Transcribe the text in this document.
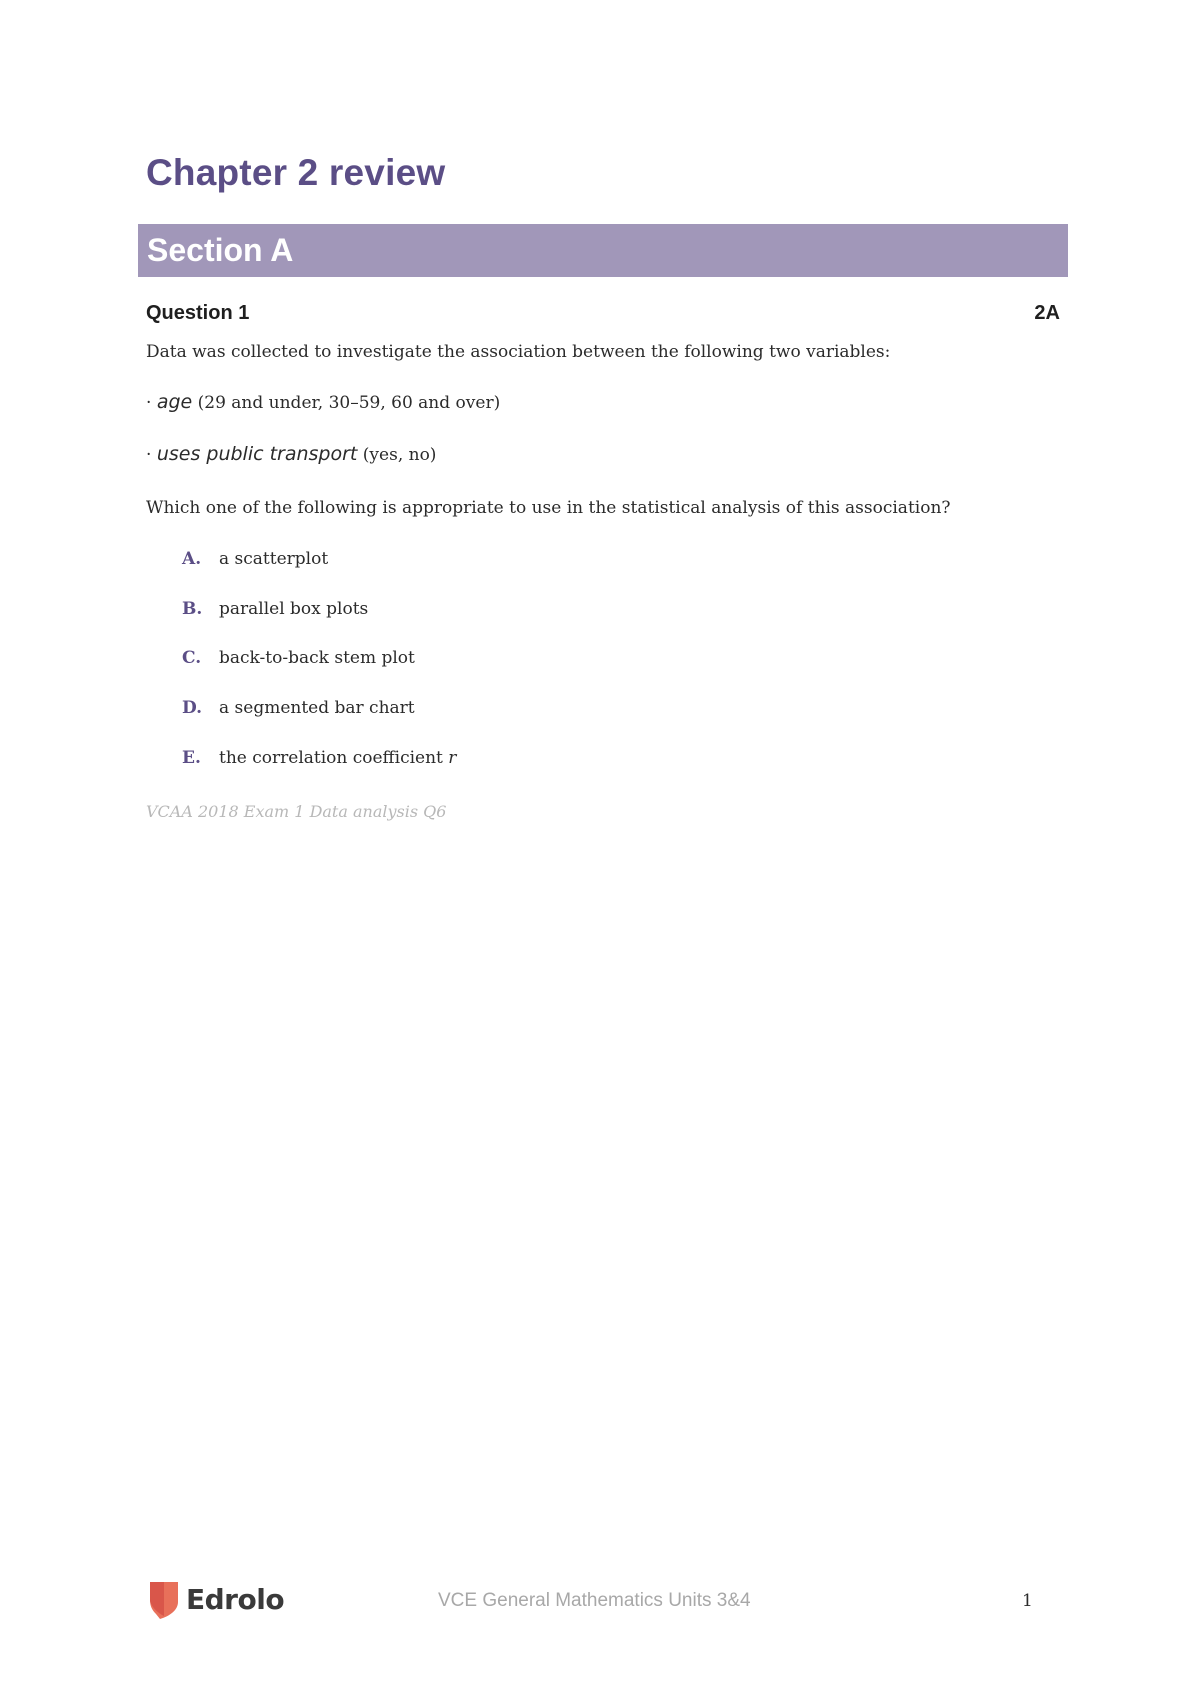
Chapter 2 review
Section A
Question 1	2A

Data was collected to investigate the association between the following two variables:

· age (29 and under, 30–59, 60 and over)

· uses public transport (yes, no)

Which one of the following is appropriate to use in the statistical analysis of this association?

A. a scatterplot
B. parallel box plots
C. back-to-back stem plot
D. a segmented bar chart
E. the correlation coefficient r

VCAA 2018 Exam 1 Data analysis Q6

Edrolo	VCE General Mathematics Units 3&4	1
